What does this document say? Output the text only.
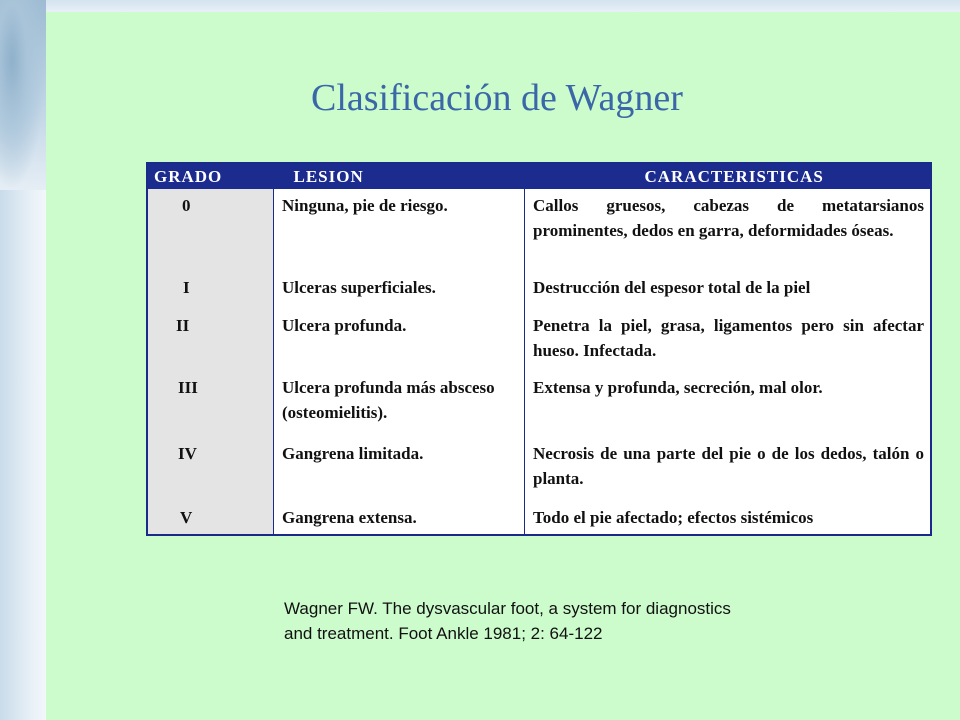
Clasificación de Wagner
GRADO	LESION	CARACTERISTICAS
0	Ninguna, pie de riesgo.	Callos gruesos, cabezas de metatarsianos prominentes, dedos en garra, deformidades óseas.
I	Ulceras superficiales.	Destrucción del espesor total de la piel
II	Ulcera profunda.	Penetra la piel, grasa, ligamentos pero sin afectar hueso. Infectada.
III	Ulcera profunda más absceso (osteomielitis).	Extensa y profunda, secreción, mal olor.
IV	Gangrena limitada.	Necrosis de una parte del pie o de los dedos, talón o planta.
V	Gangrena extensa.	Todo el pie afectado; efectos sistémicos
Wagner FW. The dysvascular foot, a system for diagnostics
and treatment. Foot Ankle 1981; 2: 64-122
